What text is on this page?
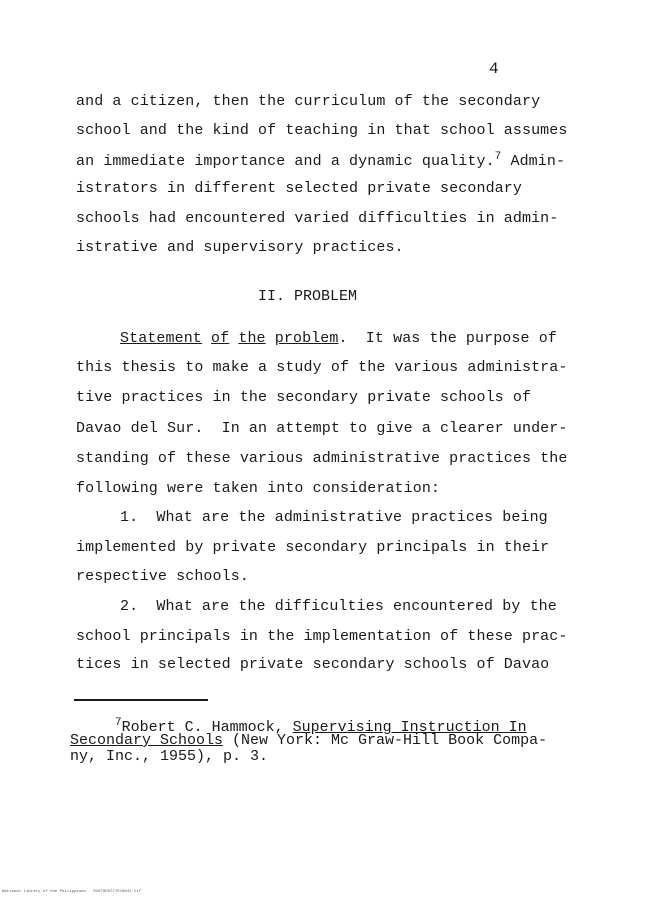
4
and a citizen, then the curriculum of the secondary
school and the kind of teaching in that school assumes
an immediate importance and a dynamic quality.$^7$ Admin-
istrators in different selected private secondary
schools had encountered varied difficulties in admin-
istrative and supervisory practices.
II. PROBLEM
Statement of the problem.  It was the purpose of
this thesis to make a study of the various administra-
tive practices in the secondary private schools of
Davao del Sur.  In an attempt to give a clearer under-
standing of these various administrative practices the
following were taken into consideration:
1.  What are the administrative practices being
implemented by private secondary principals in their
respective schools.
2.  What are the difficulties encountered by the
school principals in the implementation of these prac-
tices in selected private secondary schools of Davao
$^7$Robert C. Hammock, Supervising Instruction In
Secondary Schools (New York: Mc Graw-Hill Book Compa-
ny, Inc., 1955), p. 3.
National Library of the Philippines   0107950777510041 tif
